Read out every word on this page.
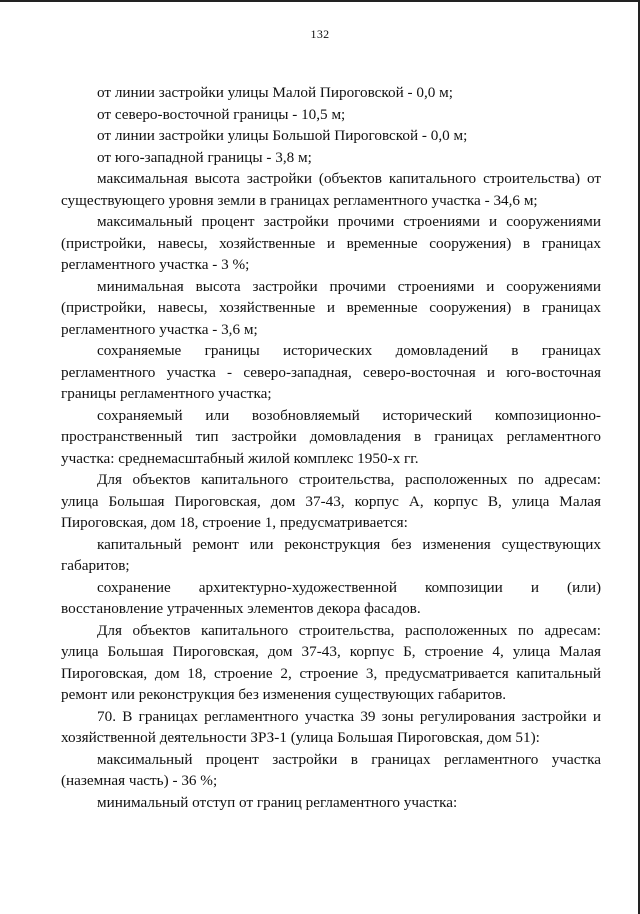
132

от линии застройки улицы Малой Пироговской - 0,0 м;

от северо-восточной границы - 10,5 м;

от линии застройки улицы Большой Пироговской - 0,0 м;

от юго-западной границы - 3,8 м;

максимальная высота застройки (объектов капитального строительства) от существующего уровня земли в границах регламентного участка - 34,6 м;

максимальный процент застройки прочими строениями и сооружениями (пристройки, навесы, хозяйственные и временные сооружения) в границах регламентного участка - 3 %;

минимальная высота застройки прочими строениями и сооружениями (пристройки, навесы, хозяйственные и временные сооружения) в границах регламентного участка - 3,6 м;

сохраняемые границы исторических домовладений в границах регламентного участка - северо-западная, северо-восточная и юго-восточная границы регламентного участка;

сохраняемый или возобновляемый исторический композиционно-пространственный тип застройки домовладения в границах регламентного участка: среднемасштабный жилой комплекс 1950-х гг.

Для объектов капитального строительства, расположенных по адресам: улица Большая Пироговская, дом 37-43, корпус А, корпус В, улица Малая Пироговская, дом 18, строение 1, предусматривается:

капитальный ремонт или реконструкция без изменения существующих габаритов;

сохранение архитектурно-художественной композиции и (или) восстановление утраченных элементов декора фасадов.

Для объектов капитального строительства, расположенных по адресам: улица Большая Пироговская, дом 37-43, корпус Б, строение 4, улица Малая Пироговская, дом 18, строение 2, строение 3, предусматривается капитальный ремонт или реконструкция без изменения существующих габаритов.

70. В границах регламентного участка 39 зоны регулирования застройки и хозяйственной деятельности ЗРЗ-1 (улица Большая Пироговская, дом 51):

максимальный процент застройки в границах регламентного участка (наземная часть) - 36 %;

минимальный отступ от границ регламентного участка:
